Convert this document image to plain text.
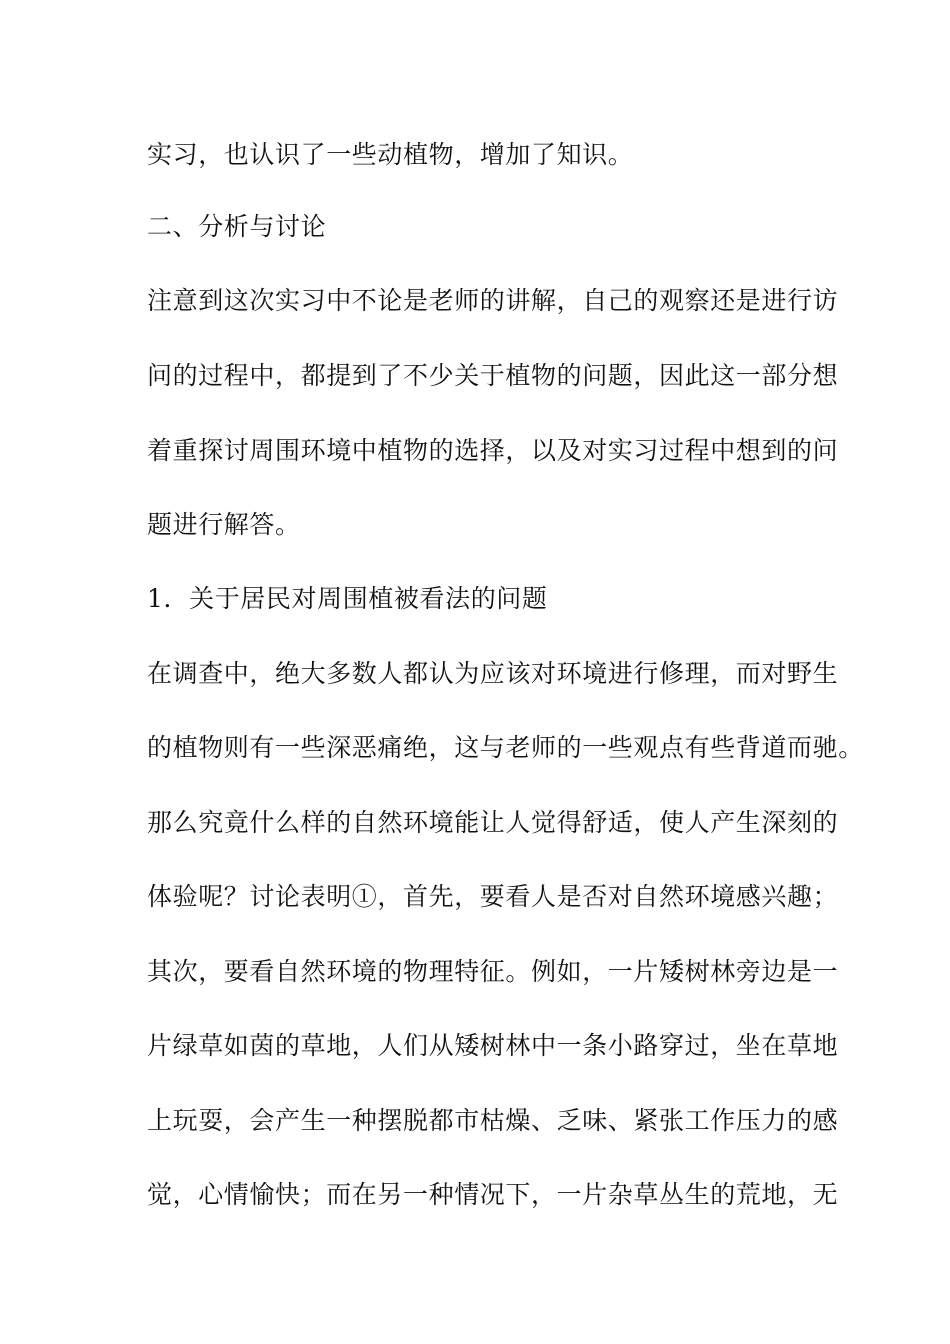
实习，也认识了一些动植物，增加了知识。
二、分析与讨论
注意到这次实习中不论是老师的讲解，自己的观察还是进行访
问的过程中，都提到了不少关于植物的问题，因此这一部分想
着重探讨周围环境中植物的选择，以及对实习过程中想到的问
题进行解答。
1．关于居民对周围植被看法的问题
在调查中，绝大多数人都认为应该对环境进行修理，而对野生
的植物则有一些深恶痛绝，这与老师的一些观点有些背道而驰。
那么究竟什么样的自然环境能让人觉得舒适，使人产生深刻的
体验呢？讨论表明①，首先，要看人是否对自然环境感兴趣；
其次，要看自然环境的物理特征。例如，一片矮树林旁边是一
片绿草如茵的草地，人们从矮树林中一条小路穿过，坐在草地
上玩耍，会产生一种摆脱都市枯燥、乏味、紧张工作压力的感
觉，心情愉快；而在另一种情况下，一片杂草丛生的荒地，无
